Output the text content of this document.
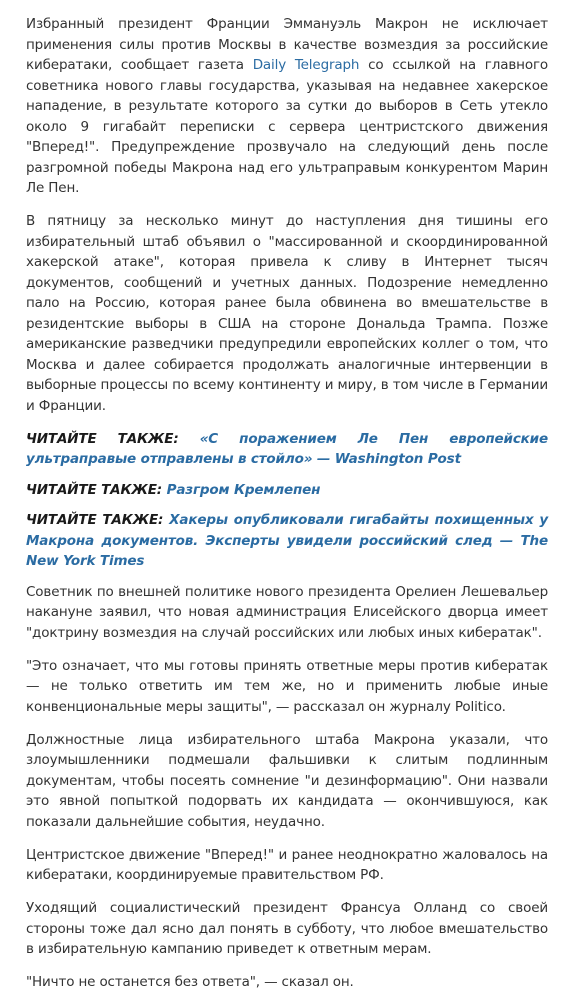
Избранный президент Франции Эммануэль Макрон не исключает применения силы против Москвы в качестве возмездия за российские кибератаки, сообщает газета Daily Telegraph со ссылкой на главного советника нового главы государства, указывая на недавнее хакерское нападение, в результате которого за сутки до выборов в Сеть утекло около 9 гигабайт переписки с сервера центристского движения "Вперед!". Предупреждение прозвучало на следующий день после разгромной победы Макрона над его ультраправым конкурентом Марин Ле Пен.

В пятницу за несколько минут до наступления дня тишины его избирательный штаб объявил о "массированной и скоординированной хакерской атаке", которая привела к сливу в Интернет тысяч документов, сообщений и учетных данных. Подозрение немедленно пало на Россию, которая ранее была обвинена во вмешательстве в резидентские выборы в США на стороне Дональда Трампа. Позже американские разведчики предупредили европейских коллег о том, что Москва и далее собирается продолжать аналогичные интервенции в выборные процессы по всему континенту и миру, в том числе в Германии и Франции.

ЧИТАЙТЕ ТАКЖЕ: «С поражением Ле Пен европейские ультраправые отправлены в стойло» — Washington Post

ЧИТАЙТЕ ТАКЖЕ: Разгром Кремлепен

ЧИТАЙТЕ ТАКЖЕ: Хакеры опубликовали гигабайты похищенных у Макрона документов. Эксперты увидели российский след — The New York Times

Советник по внешней политике нового президента Орелиен Лешевальер накануне заявил, что новая администрация Елисейского дворца имеет "доктрину возмездия на случай российских или любых иных кибератак".

"Это означает, что мы готовы принять ответные меры против кибератак — не только ответить им тем же, но и применить любые иные конвенциональные меры защиты", — рассказал он журналу Politico.

Должностные лица избирательного штаба Макрона указали, что злоумышленники подмешали фальшивки к слитым подлинным документам, чтобы посеять сомнение "и дезинформацию". Они назвали это явной попыткой подорвать их кандидата — окончившуюся, как показали дальнейшие события, неудачно.

Центристское движение "Вперед!" и ранее неоднократно жаловалось на кибератаки, координируемые правительством РФ.

Уходящий социалистический президент Франсуа Олланд со своей стороны тоже дал ясно дал понять в субботу, что любое вмешательство в избирательную кампанию приведет к ответным мерам.

"Ничто не останется без ответа", — сказал он.
